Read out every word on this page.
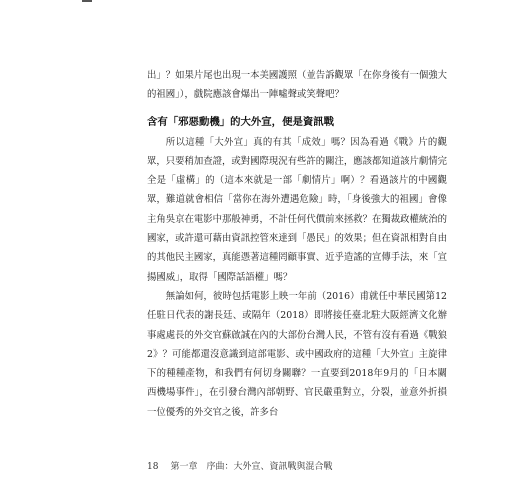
出」？如果片尾也出現一本美國護照（並告訴觀眾「在你身後有一個強大的祖國」），戲院應該會爆出一陣噓聲或笑聲吧？

含有「邪惡動機」的大外宣，便是資訊戰

所以這種「大外宣」真的有其「成效」嗎？因為看過《戰》片的觀眾，只要稍加查證，或對國際現況有些許的關注，應該都知道該片劇情完全是「虛構」的（這本來就是一部「劇情片」啊）？看過該片的中國觀眾，難道就會相信「當你在海外遭遇危險」時，「身後強大的祖國」會像主角吳京在電影中那般神勇，不計任何代價前來拯救？在獨裁政權統治的國家，或許還可藉由資訊控管來達到「愚民」的效果；但在資訊相對自由的其他民主國家，真能憑著這種罔顧事實、近乎造謠的宣傳手法，來「宣揚國威」，取得「國際話語權」嗎？

無論如何，彼時包括電影上映一年前（2016）甫就任中華民國第12任駐日代表的謝長廷、或隔年（2018）即將接任臺北駐大阪經濟文化辦事處處長的外交官蘇啟誠在內的大部份台灣人民，不管有沒有看過《戰狼2》？可能都還沒意識到這部電影、或中國政府的這種「大外宣」主旋律下的種種產物，和我們有何切身關聯？一直要到2018年9月的「日本關西機場事件」，在引發台灣內部朝野、官民嚴重對立，分裂，並意外折損一位優秀的外交官之後，許多台

18 第一章　序曲：大外宣、資訊戰與混合戰
